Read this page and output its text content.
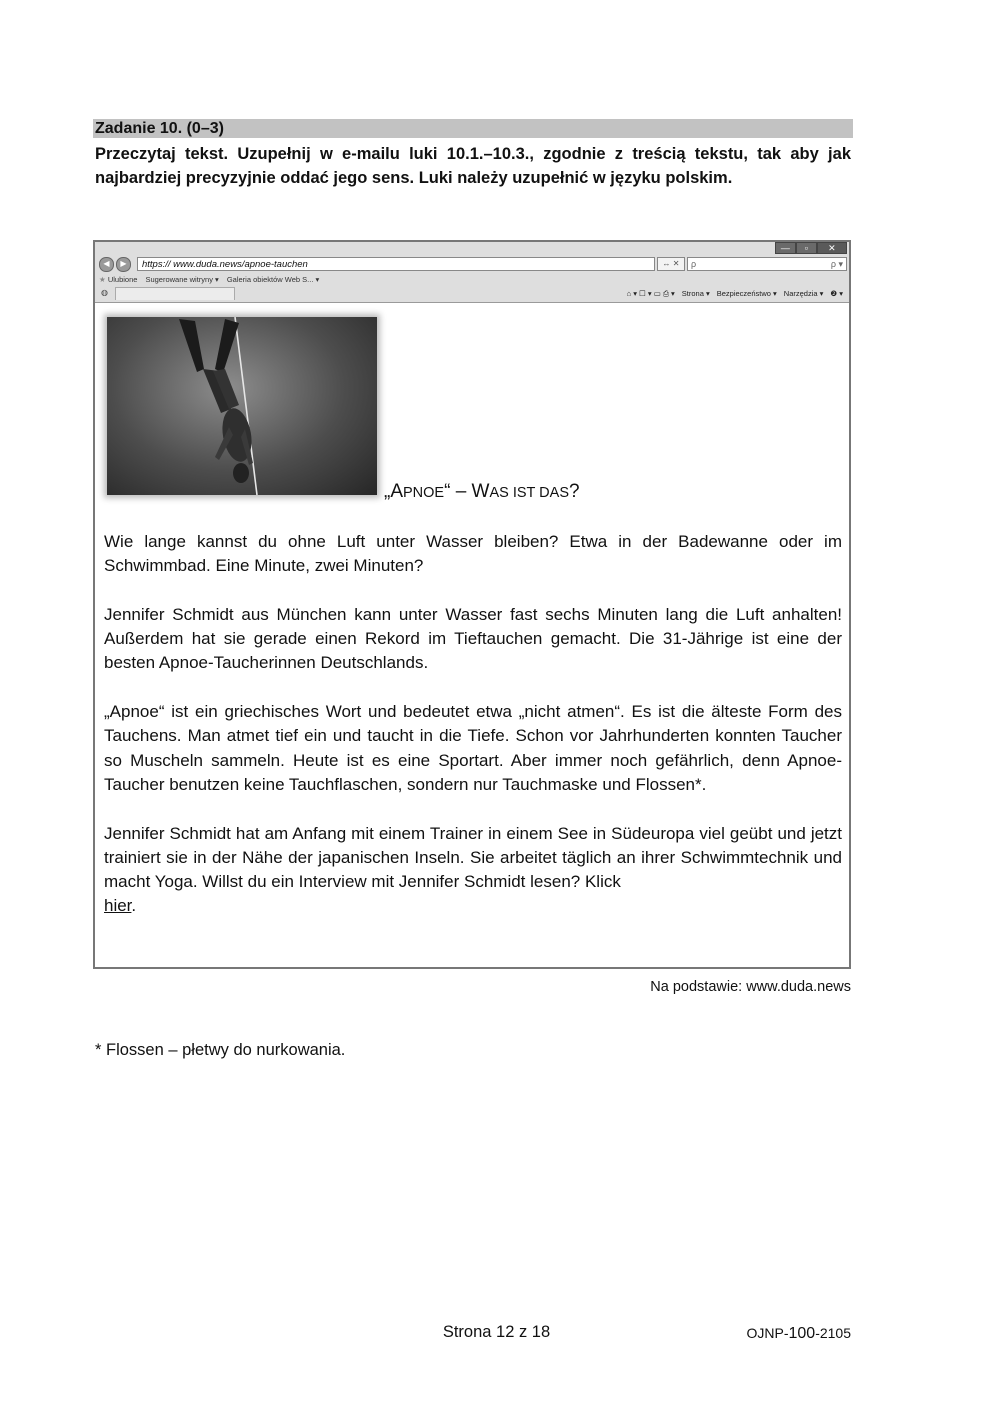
Zadanie 10. (0–3)

Przeczytaj tekst. Uzupełnij w e-mailu luki 10.1.–10.3., zgodnie z treścią tekstu, tak aby jak najbardziej precyzyjnie oddać jego sens. Luki należy uzupełnić w języku polskim.

—	▫	✕
◀	▶	https:// www.duda.news/apnoe-tauchen	↔ ✕	ρ	ρ ▾
★ Ulubione Sugerowane witryny ▾ Galeria obiektów Web S... ▾
◍	⌂ ▾ ☐ ▾ ▭ ⎙ ▾ Strona ▾ Bezpieczeństwo ▾ Narzędzia ▾ ❷ ▾
„APNOE“ – WAS IST DAS?

Wie lange kannst du ohne Luft unter Wasser bleiben? Etwa in der Badewanne oder im Schwimmbad. Eine Minute, zwei Minuten?

Jennifer Schmidt aus München kann unter Wasser fast sechs Minuten lang die Luft anhalten! Außerdem hat sie gerade einen Rekord im Tieftauchen gemacht. Die 31-Jährige ist eine der besten Apnoe-Taucherinnen Deutschlands.

„Apnoe“ ist ein griechisches Wort und bedeutet etwa „nicht atmen“. Es ist die älteste Form des Tauchens. Man atmet tief ein und taucht in die Tiefe. Schon vor Jahrhunderten konnten Taucher so Muscheln sammeln. Heute ist es eine Sportart. Aber immer noch gefährlich, denn Apnoe-Taucher benutzen keine Tauchflaschen, sondern nur Tauchmaske und Flossen*.

Jennifer Schmidt hat am Anfang mit einem Trainer in einem See in Südeuropa viel geübt und jetzt trainiert sie in der Nähe der japanischen Inseln. Sie arbeitet täglich an ihrer Schwimmtechnik und macht Yoga. Willst du ein Interview mit Jennifer Schmidt lesen? Klick
hier.

Na podstawie: www.duda.news
* Flossen – płetwy do nurkowania.
Strona 12 z 18	OJNP-100-2105
